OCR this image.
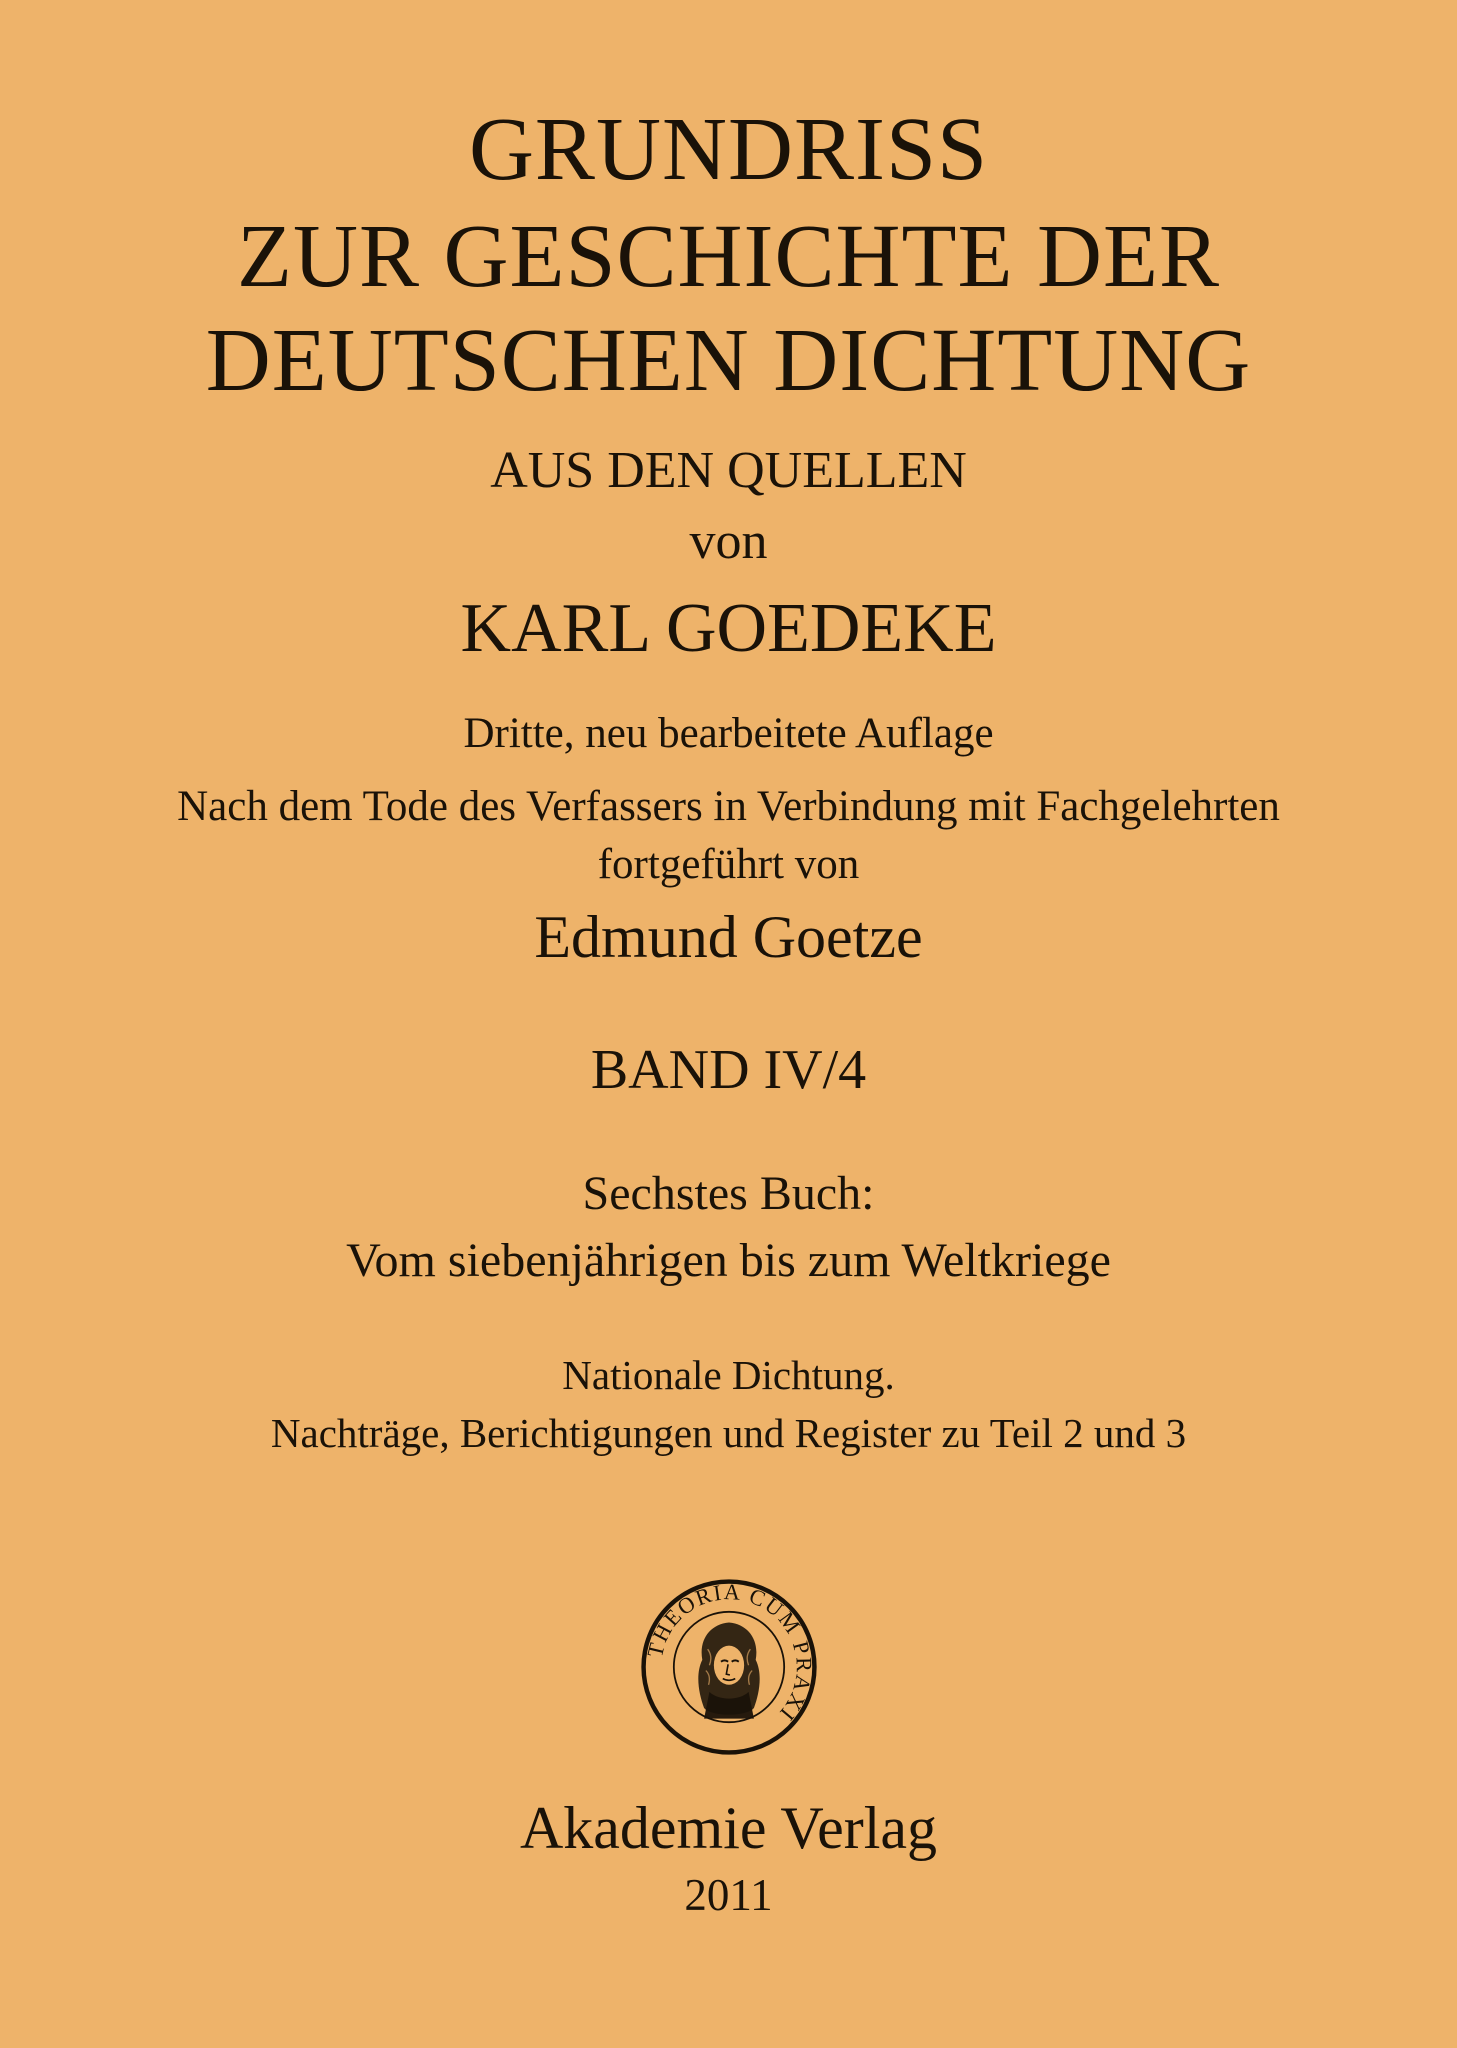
GRUNDRISS
ZUR GESCHICHTE DER
DEUTSCHEN DICHTUNG
AUS DEN QUELLEN
von
KARL GOEDEKE
Dritte, neu bearbeitete Auflage
Nach dem Tode des Verfassers in Verbindung mit Fachgelehrten
fortgeführt von
Edmund Goetze
BAND IV/4
Sechstes Buch:
Vom siebenjährigen bis zum Weltkriege
Nationale Dichtung.
Nachträge, Berichtigungen und Register zu Teil 2 und 3
THEORIA CUM PRAXI
Akademie Verlag
2011
